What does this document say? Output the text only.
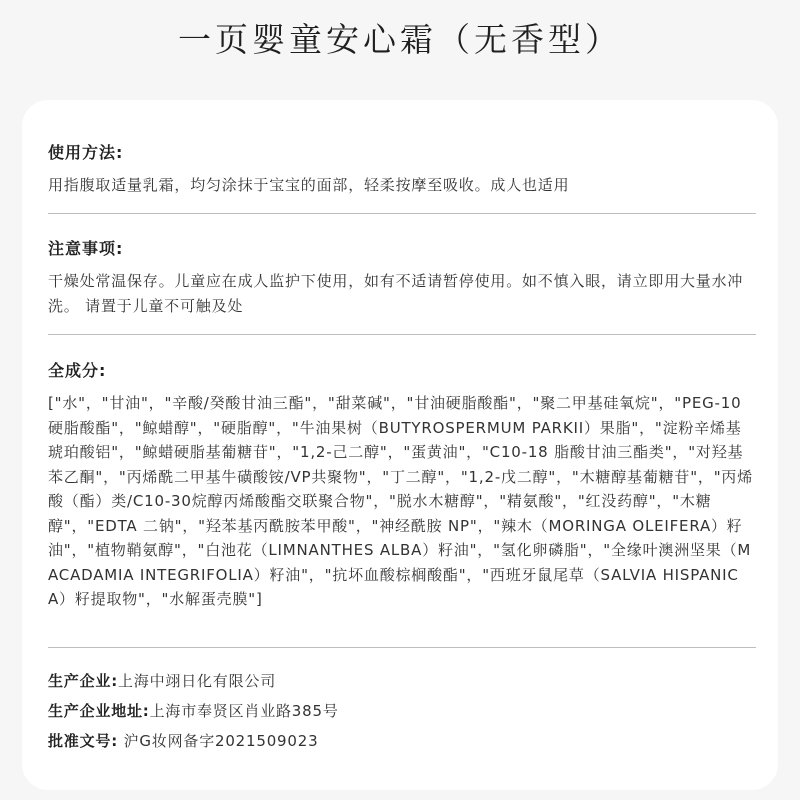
一页婴童安心霜（无香型）
使用方法:
用指腹取适量乳霜，均匀涂抹于宝宝的面部，轻柔按摩至吸收。成人也适用
注意事项:
干燥处常温保存。儿童应在成人监护下使用，如有不适请暂停使用。如不慎入眼，请立即用大量水冲洗。 请置于儿童不可触及处
全成分:
["水"，"甘油"，"辛酸/癸酸甘油三酯"，"甜菜碱"，"甘油硬脂酸酯"，"聚二甲基硅氧烷"，"PEG-10硬脂酸酯"，"鲸蜡醇"，"硬脂醇"，"牛油果树（BUTYROSPERMUM PARKII）果脂"，"淀粉辛烯基琥珀酸铝"，"鲸蜡硬脂基葡糖苷"，"1,2-己二醇"，"蛋黄油"，"C10-18 脂酸甘油三酯类"，"对羟基苯乙酮"，"丙烯酰二甲基牛磺酸铵/VP共聚物"，"丁二醇"，"1,2-戊二醇"，"木糖醇基葡糖苷"，"丙烯酸（酯）类/C10-30烷醇丙烯酸酯交联聚合物"，"脱水木糖醇"，"精氨酸"，"红没药醇"，"木糖醇"，"EDTA 二钠"，"羟苯基丙酰胺苯甲酸"，"神经酰胺 NP"，"辣木（MORINGA OLEIFERA）籽油"，"植物鞘氨醇"，"白池花（LIMNANTHES ALBA）籽油"，"氢化卵磷脂"，"全缘叶澳洲坚果（MACADAMIA INTEGRIFOLIA）籽油"，"抗坏血酸棕榈酸酯"，"西班牙鼠尾草（SALVIA HISPANICA）籽提取物"，"水解蛋壳膜"]
生产企业:上海中翊日化有限公司
生产企业地址:上海市奉贤区肖业路385号
批准文号: 沪G妆网备字2021509023
